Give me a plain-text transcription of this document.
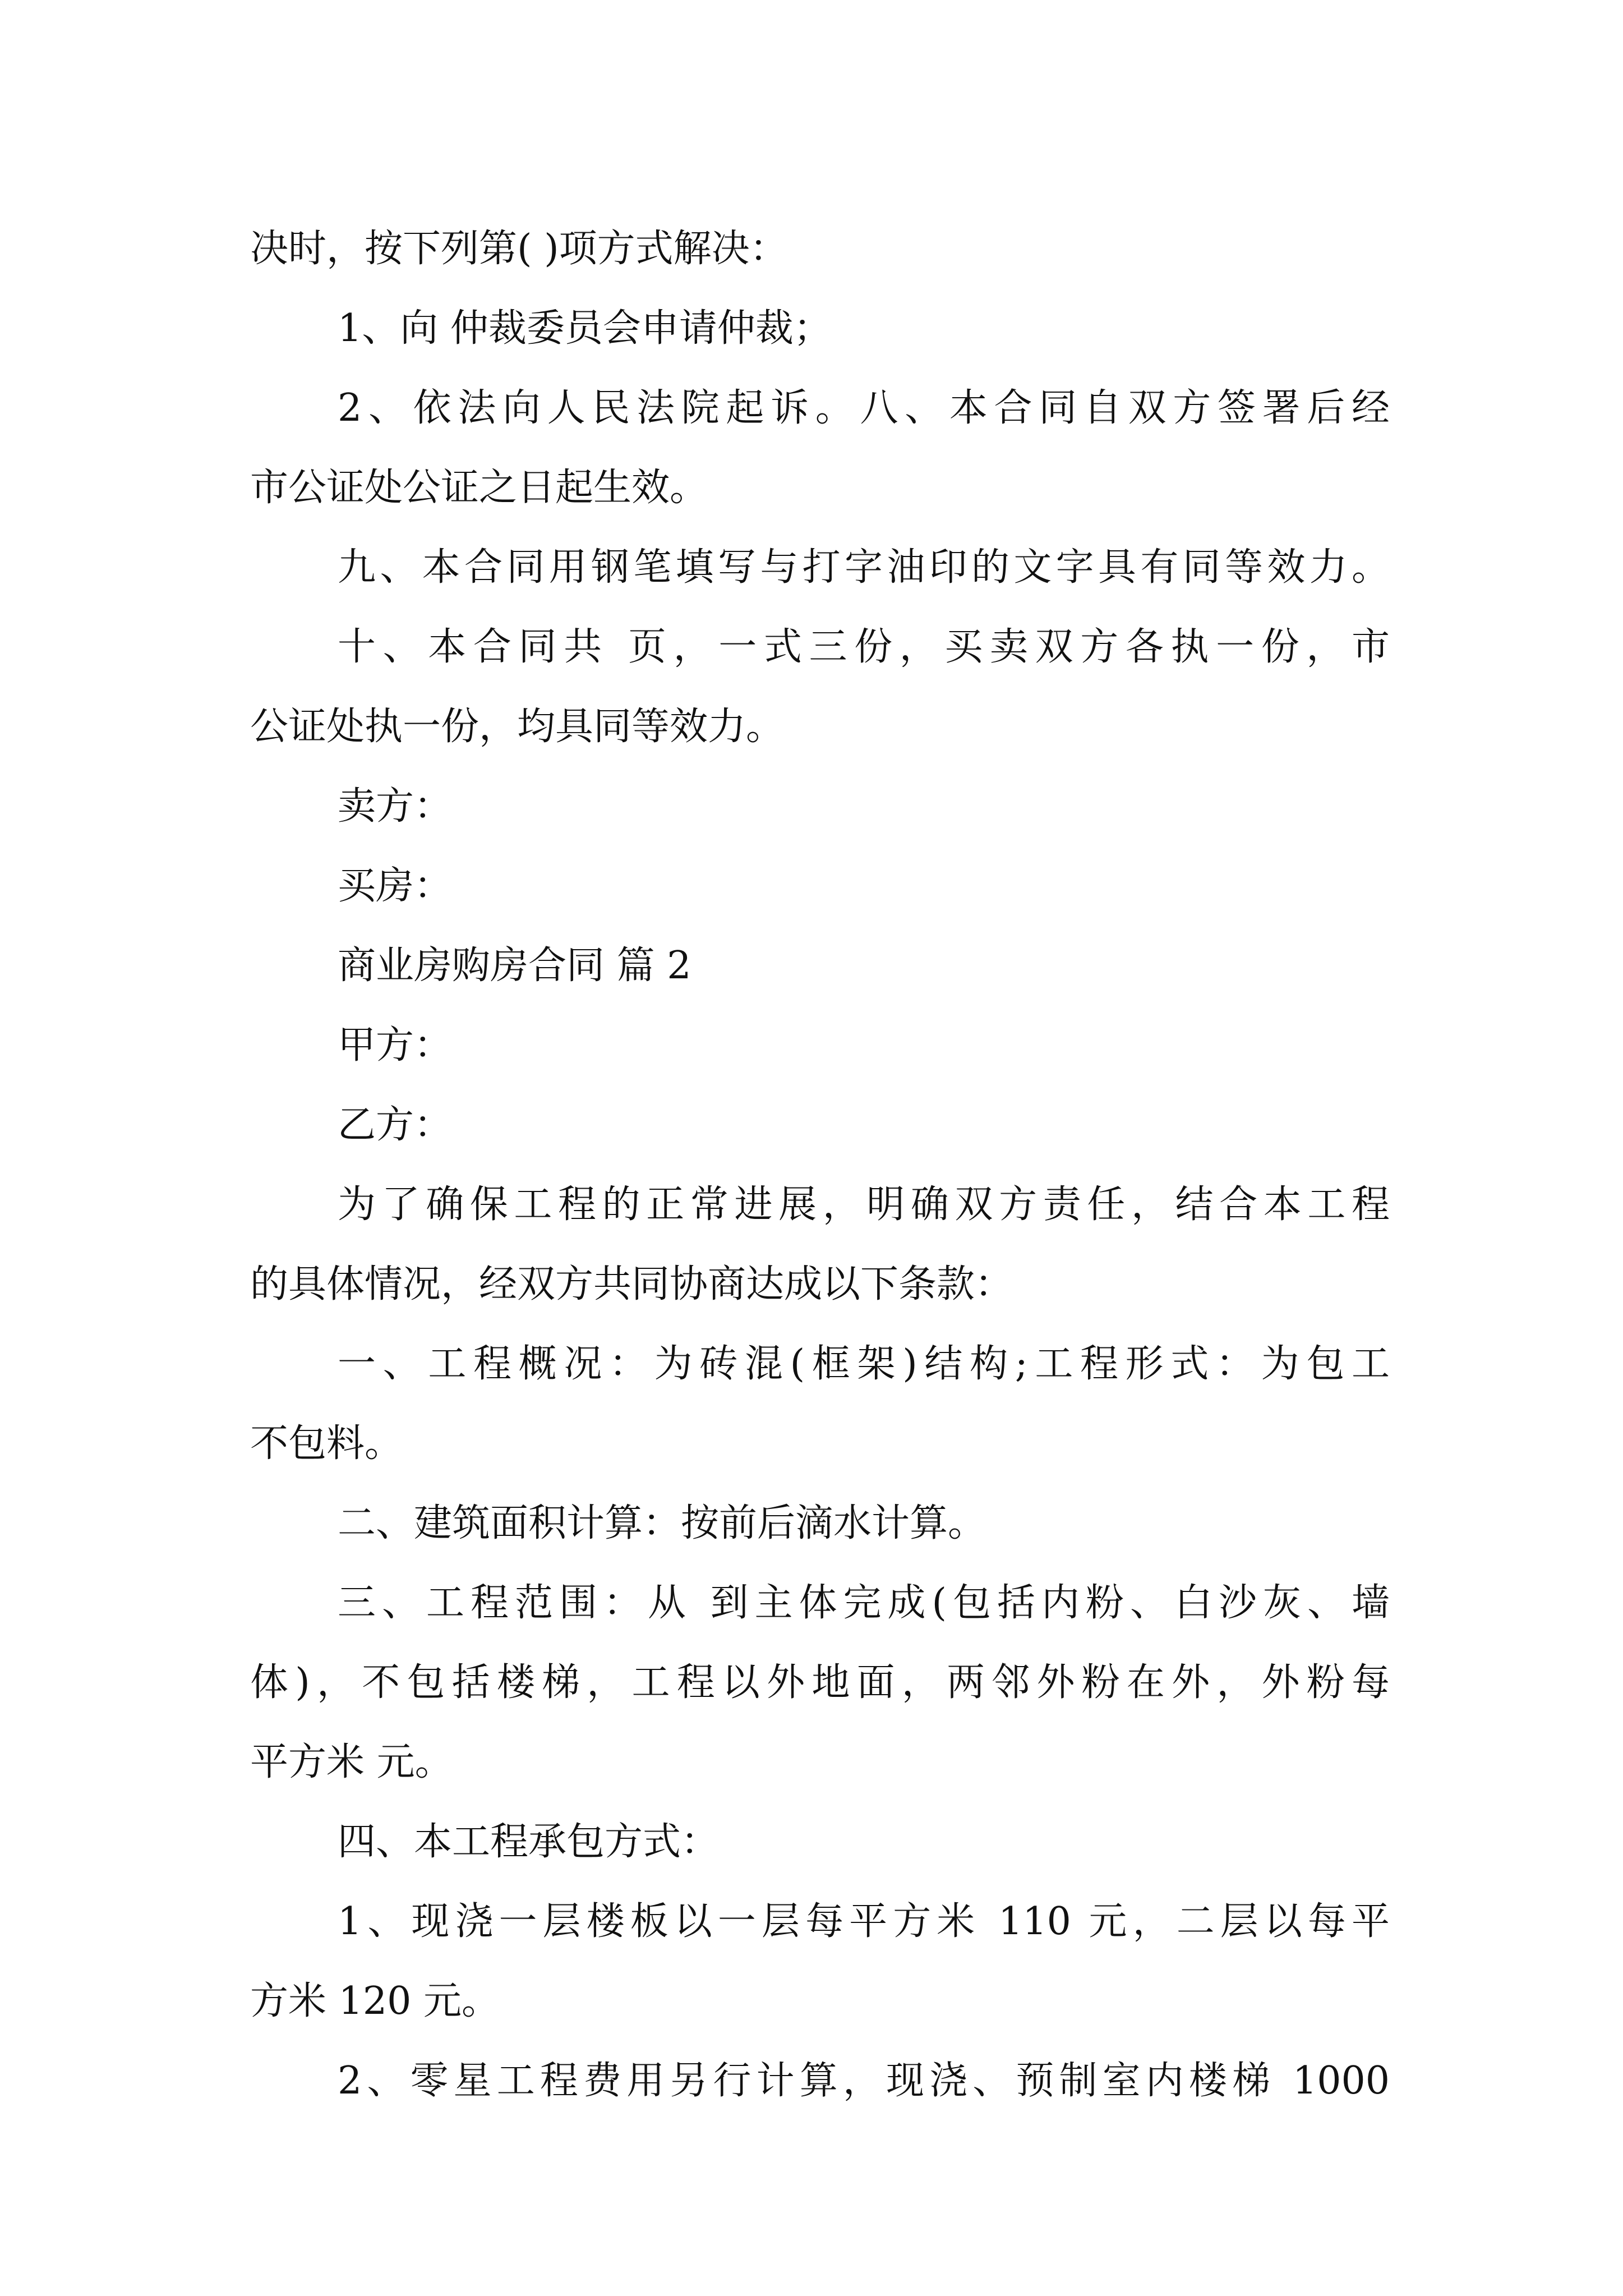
决时，按下列第( )项方式解决：
1、向 仲裁委员会申请仲裁；
2、依法向人民法院起诉。八、本合同自双方签署后经
市公证处公证之日起生效。
九、本合同用钢笔填写与打字油印的文字具有同等效力。
十、本合同共 页，一式三份，买卖双方各执一份，市
公证处执一份，均具同等效力。
卖方：
买房：
商业房购房合同 篇 2
甲方：
乙方：
为了确保工程的正常进展，明确双方责任，结合本工程
的具体情况，经双方共同协商达成以下条款：
一、工程概况：为砖混(框架)结构;工程形式：为包工
不包料。
二、建筑面积计算：按前后滴水计算。
三、工程范围：从 到主体完成(包括内粉、白沙灰、墙
体)，不包括楼梯，工程以外地面，两邻外粉在外，外粉每
平方米 元。
四、本工程承包方式：
1、现浇一层楼板以一层每平方米 110 元，二层以每平
方米 120 元。
2、零星工程费用另行计算，现浇、预制室内楼梯 1000
